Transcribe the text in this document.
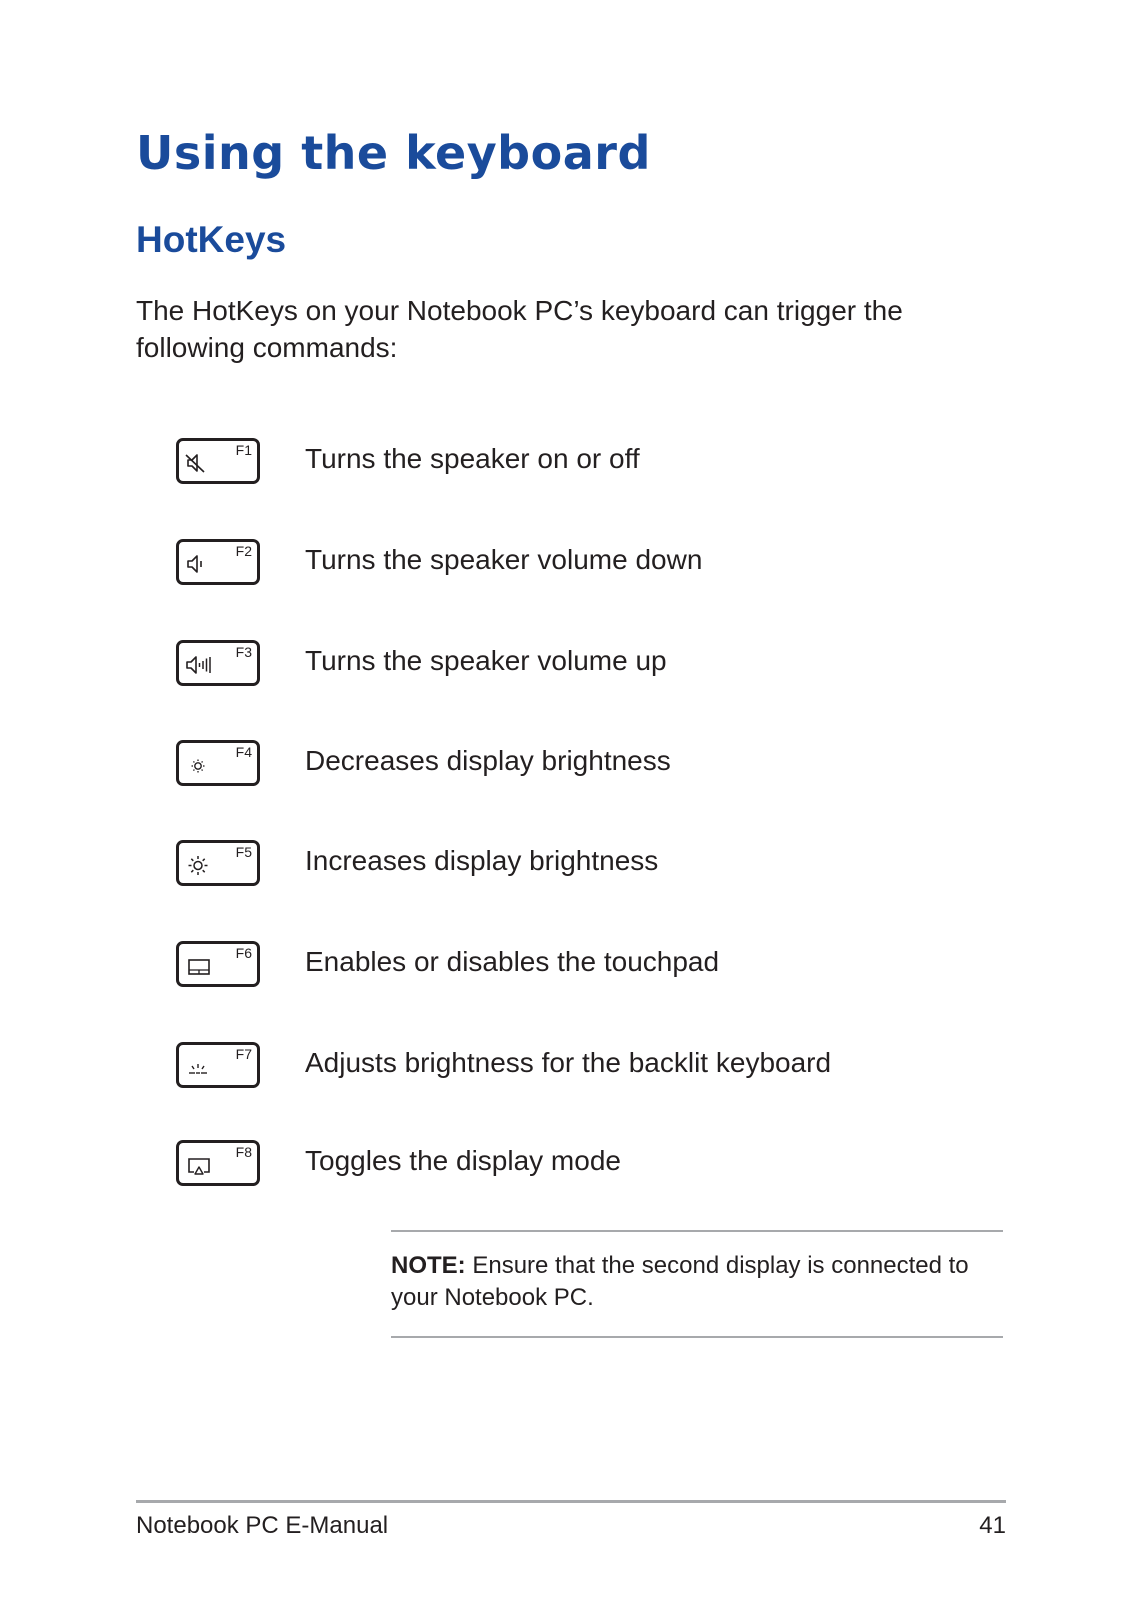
Using the keyboard
HotKeys

The HotKeys on your Notebook PC’s keyboard can trigger the following commands:

F1 Turns the speaker on or off
F2 Turns the speaker volume down
F3 Turns the speaker volume up
F4 Decreases display brightness
F5 Increases display brightness
F6 Enables or disables the touchpad
F7 Adjusts brightness for the backlit keyboard
F8 Toggles the display mode

NOTE: Ensure that the second display is connected to your Notebook PC.

Notebook PC E-Manual	41
